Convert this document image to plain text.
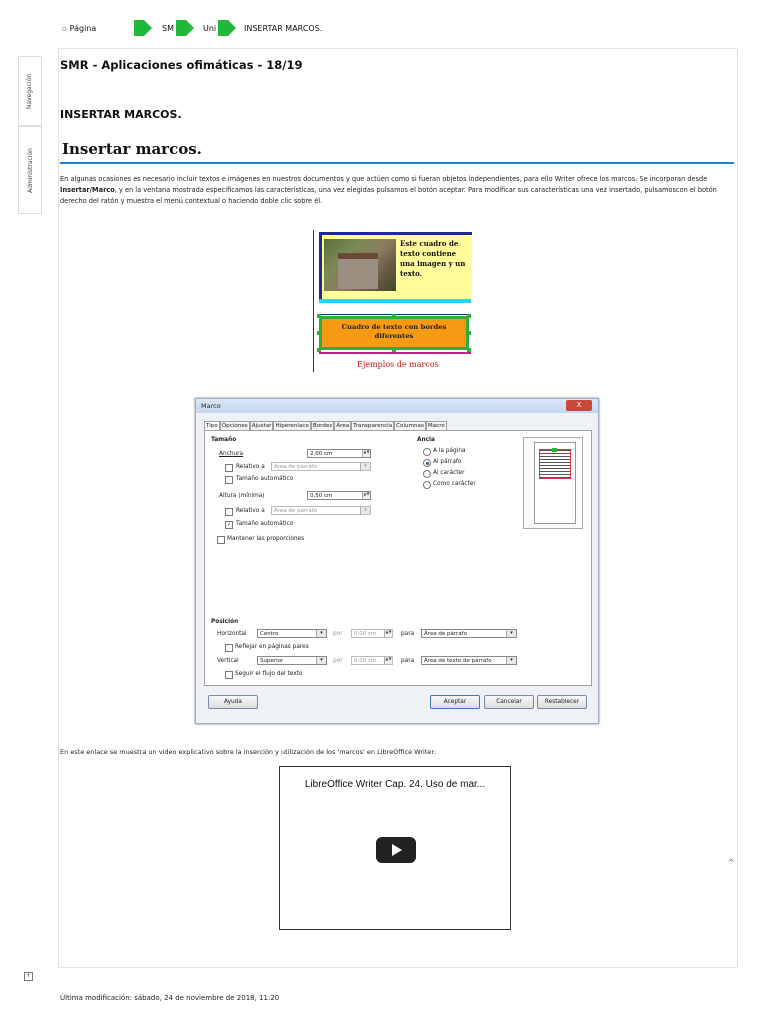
⌂ Página	SM	Uni	INSERTAR MARCOS.
Navegación
Administración
SMR - Aplicaciones ofimáticas - 18/19
INSERTAR MARCOS.
Insertar marcos.
En algunas ocasiones es necesario incluir textos e imágenes en nuestros documentos y que actúen como si fueran objetos independientes, para ello Writer ofrece los marcos. Se incorporan desde Insertar/Marco, y en la ventana mostrada especificamos las características, una vez elegidas pulsamos el botón aceptar. Para modificar sus características una vez insertado, pulsamoscon el botón derecho del ratón y muestra el menú contextual o haciendo doble clic sobre él.
Este cuadro de texto contiene una imagen y un texto.
Cuadro de texto con bordes diferentes
Ejemplos de marcos
Marco	X
Tipo Opciones Ajustar Hiperenlace Bordes Área Transparencia Columnas Macro
Tamaño
Anchura	2,00 cm	▲▼
Relativo a	Área de párrafo	▾
Tamaño automático
Altura (mínima)	0,50 cm	▲▼
Relativo a	Área de párrafo	▾
✓ Tamaño automático
Mantener las proporciones
Ancla
A la página
Al párrafo
Al carácter
Como carácter
Posición
Horizontal	Centro	▾	por	0,00 cm	▲▼ para	Área de párrafo	▾
Reflejar en páginas pares
Vertical	Superior	▾	por	0,00 cm	▲▼ para	Área de texto de párrafo	▾
Seguir el flujo del texto
Ayuda	Aceptar	Cancelar	Restablecer
En este enlace se muestra un video explicativo sobre la inserción y utilización de los 'marcos' en LibreOffice Writer:
LibreOffice Writer Cap. 24. Uso de mar...
^
+
Última modificación: sábado, 24 de noviembre de 2018, 11:20
